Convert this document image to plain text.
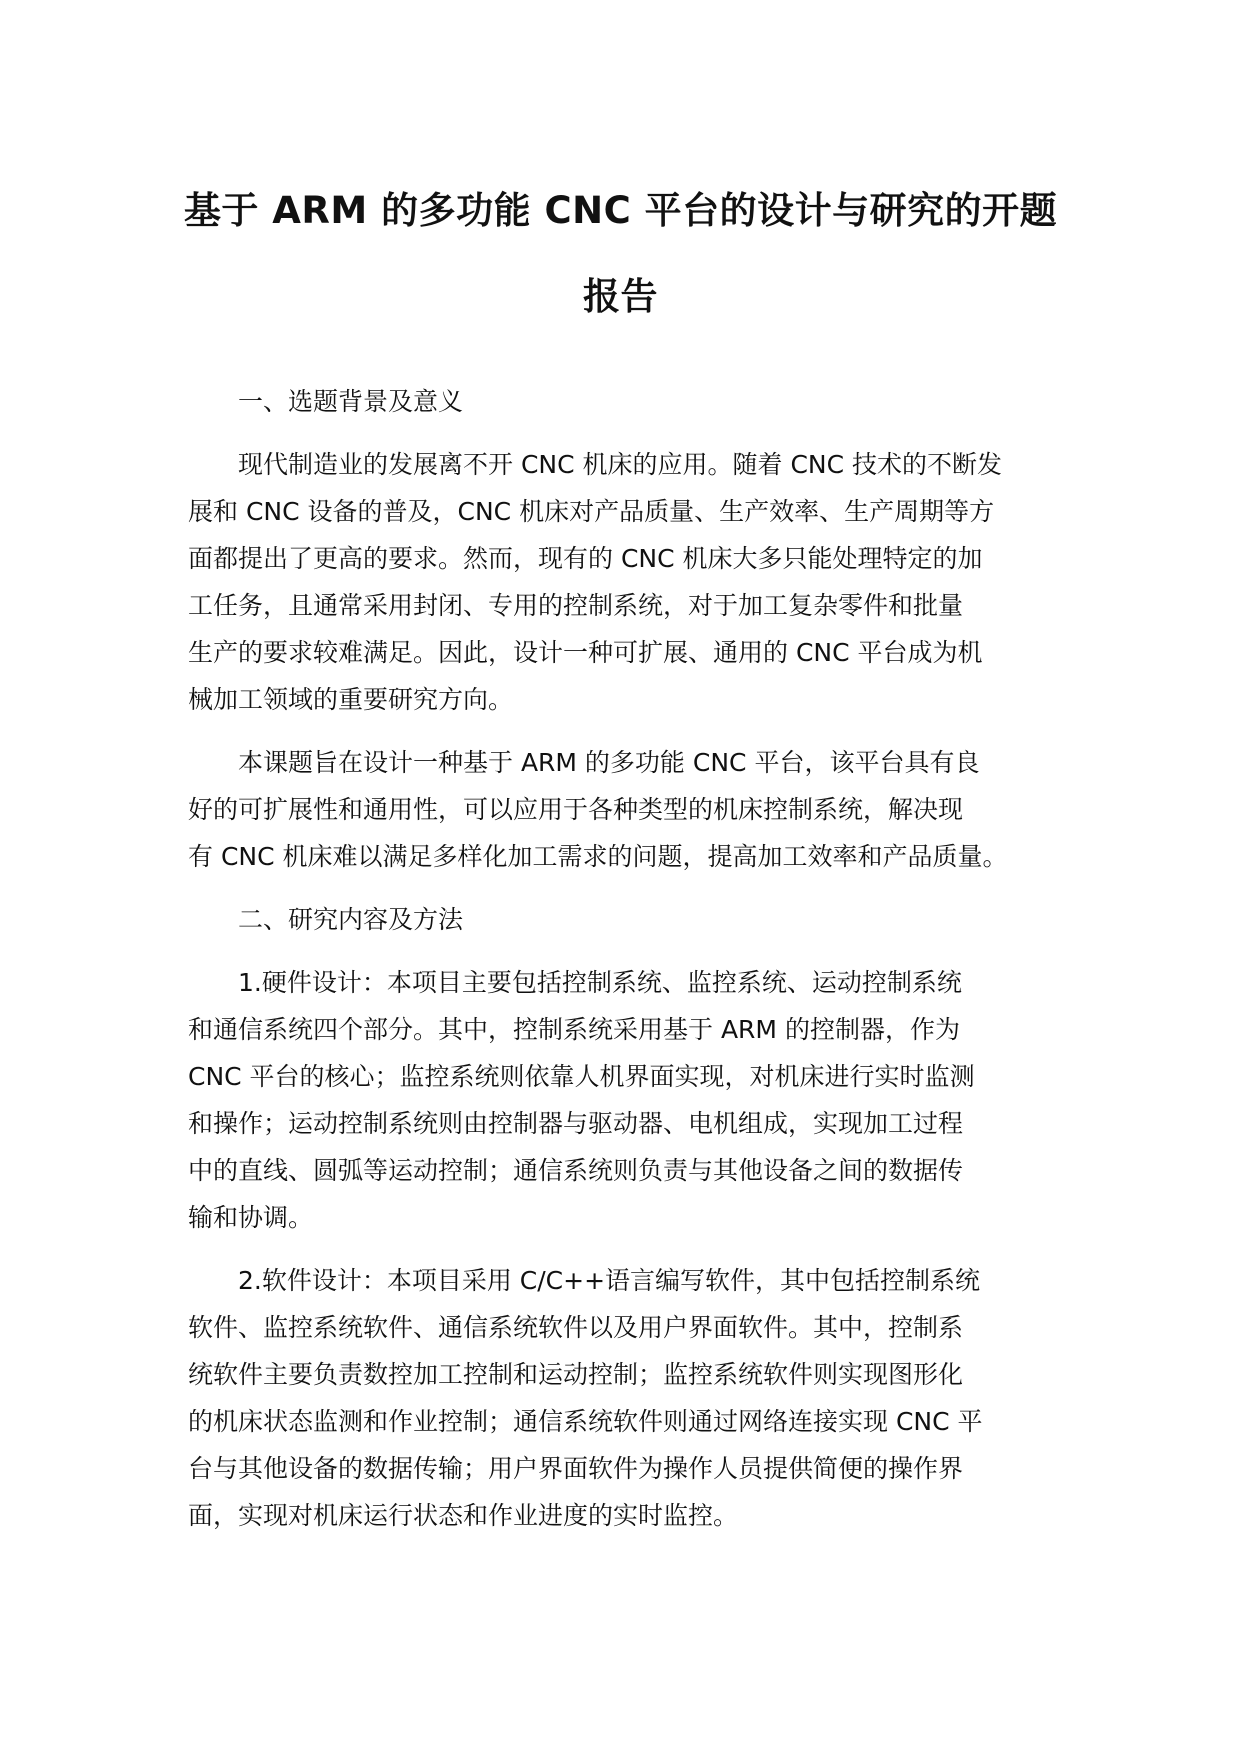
基于 ARM 的多功能 CNC 平台的设计与研究的开题
报告

一、选题背景及意义

现代制造业的发展离不开 CNC 机床的应用。随着 CNC 技术的不断发
展和 CNC 设备的普及，CNC 机床对产品质量、生产效率、生产周期等方
面都提出了更高的要求。然而，现有的 CNC 机床大多只能处理特定的加
工任务，且通常采用封闭、专用的控制系统，对于加工复杂零件和批量
生产的要求较难满足。因此，设计一种可扩展、通用的 CNC 平台成为机
械加工领域的重要研究方向。

本课题旨在设计一种基于 ARM 的多功能 CNC 平台，该平台具有良
好的可扩展性和通用性，可以应用于各种类型的机床控制系统，解决现
有 CNC 机床难以满足多样化加工需求的问题，提高加工效率和产品质量。

二、研究内容及方法

1.硬件设计：本项目主要包括控制系统、监控系统、运动控制系统
和通信系统四个部分。其中，控制系统采用基于 ARM 的控制器，作为
CNC 平台的核心；监控系统则依靠人机界面实现，对机床进行实时监测
和操作；运动控制系统则由控制器与驱动器、电机组成，实现加工过程
中的直线、圆弧等运动控制；通信系统则负责与其他设备之间的数据传
输和协调。

2.软件设计：本项目采用 C/C++语言编写软件，其中包括控制系统
软件、监控系统软件、通信系统软件以及用户界面软件。其中，控制系
统软件主要负责数控加工控制和运动控制；监控系统软件则实现图形化
的机床状态监测和作业控制；通信系统软件则通过网络连接实现 CNC 平
台与其他设备的数据传输；用户界面软件为操作人员提供简便的操作界
面，实现对机床运行状态和作业进度的实时监控。
